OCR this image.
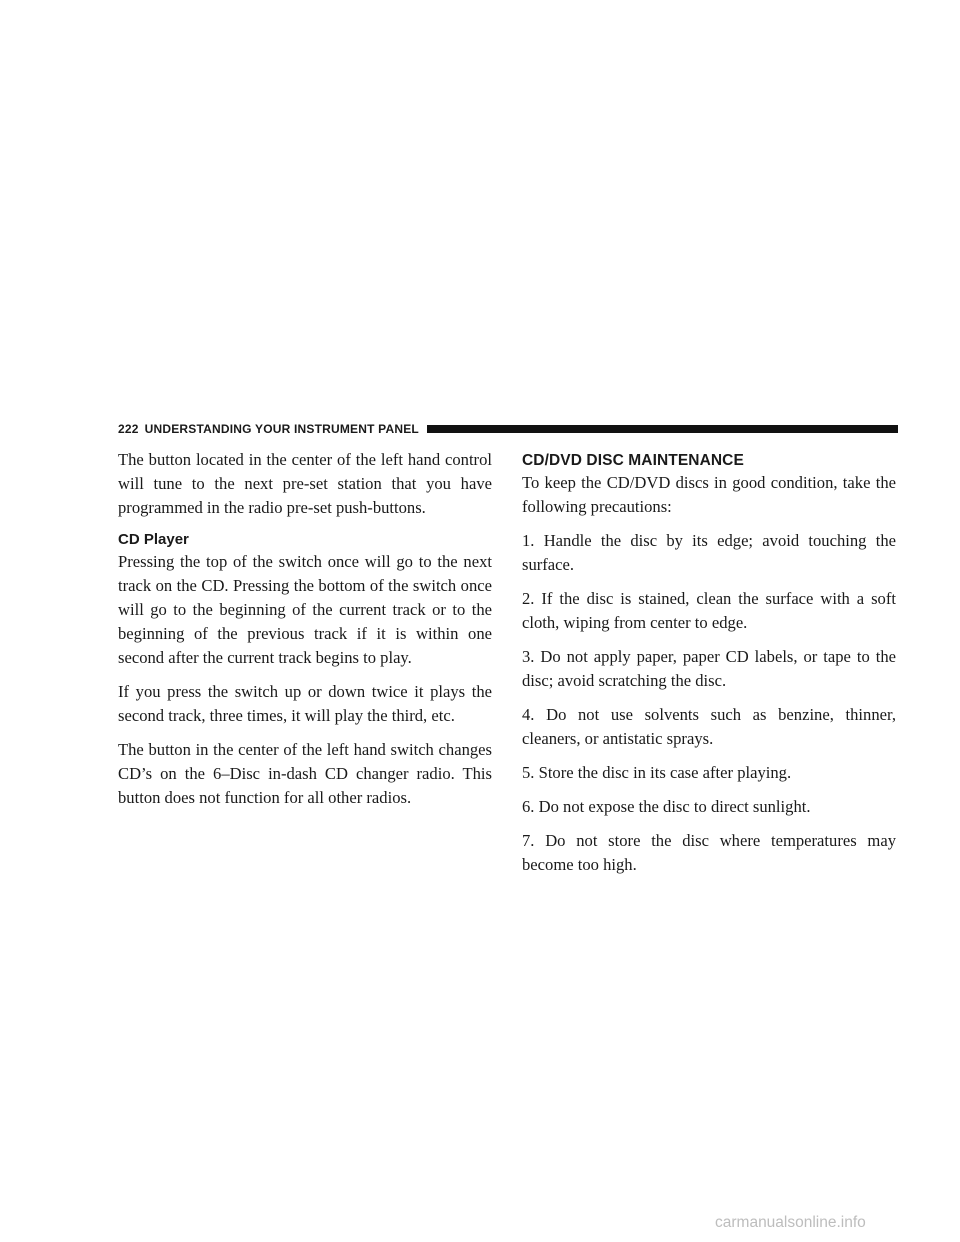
222 UNDERSTANDING YOUR INSTRUMENT PANEL

The button located in the center of the left hand control will tune to the next pre-set station that you have programmed in the radio pre-set push-buttons.

CD Player

Pressing the top of the switch once will go to the next track on the CD. Pressing the bottom of the switch once will go to the beginning of the current track or to the beginning of the previous track if it is within one second after the current track begins to play.

If you press the switch up or down twice it plays the second track, three times, it will play the third, etc.

The button in the center of the left hand switch changes CD’s on the 6–Disc in-dash CD changer radio. This button does not function for all other radios.

CD/DVD DISC MAINTENANCE

To keep the CD/DVD discs in good condition, take the following precautions:

1. Handle the disc by its edge; avoid touching the surface.

2. If the disc is stained, clean the surface with a soft cloth, wiping from center to edge.

3. Do not apply paper, paper CD labels, or tape to the disc; avoid scratching the disc.

4. Do not use solvents such as benzine, thinner, cleaners, or antistatic sprays.

5. Store the disc in its case after playing.

6. Do not expose the disc to direct sunlight.

7. Do not store the disc where temperatures may become too high.

carmanualsonline.info
